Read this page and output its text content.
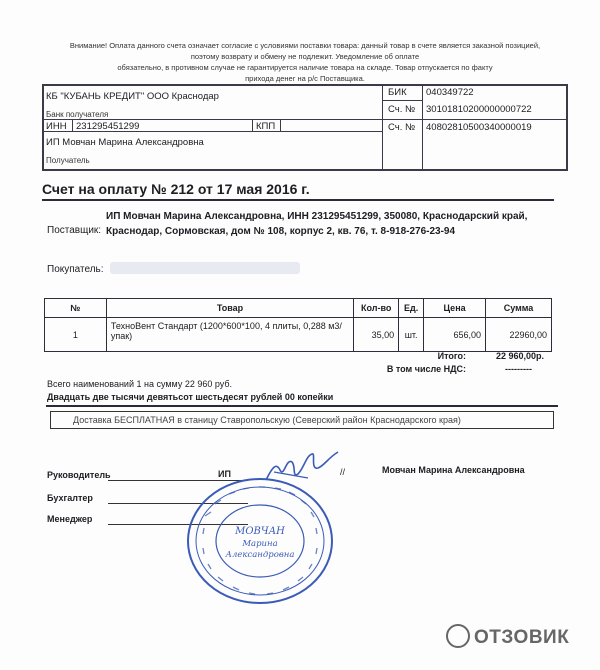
Внимание! Оплата данного счета означает согласие с условиями поставки товара: данный товар в счете является заказной позицией,
поэтому возврату и обмену не подлежит. Уведомление об оплате
обязательно, в противном случае не гарантируется наличие товара на складе. Товар отпускается по факту
прихода денег на р/с Поставщика.
КБ "КУБАНЬ КРЕДИТ" ООО Краснодар
Банк получателя
БИК 040349722
Сч. № 30101810200000000722
ИНН 231295451299	КПП	Сч. № 40802810500340000019
ИП Мовчан Марина Александровна
Получатель
Счет на оплату № 212 от 17 мая 2016 г.
Поставщик:
ИП Мовчан Марина Александровна, ИНН 231295451299, 350080, Краснодарский край,
Краснодар, Сормовская, дом № 108, корпус 2, кв. 76, т. 8-918-276-23-94
Покупатель:
№	Товар	Кол-во	Ед.	Цена	Сумма
1	ТехноВент Стандарт (1200*600*100, 4 плиты, 0,288 м3/упак)	35,00	шт.	656,00	22960,00
Итого:	22 960,00р.
В том числе НДС:	---------
Всего наименований 1 на сумму 22 960 руб.
Двадцать две тысячи девятьсот шестьдесят рублей 00 копейки
Доставка БЕСПЛАТНАЯ в станицу Ставропольскую (Северский район Краснодарского края)
Руководитель	ИП	//	Мовчан Марина Александровна
Бухгалтер
Менеджер
МОВЧАН
Марина
Александровна
ОТЗОВИК
